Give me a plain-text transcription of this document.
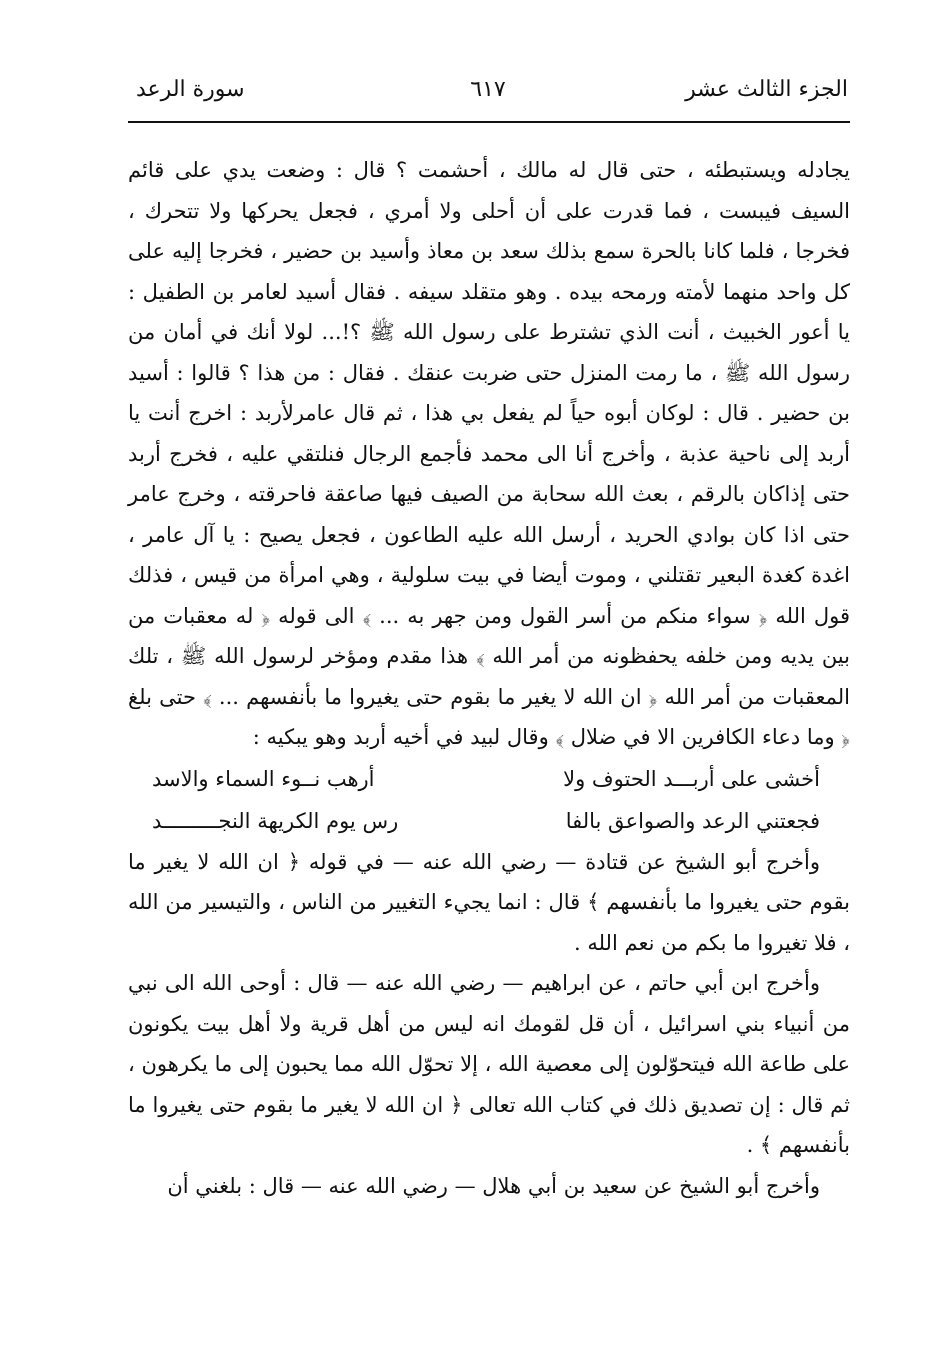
الجزء الثالث عشر
٦١٧
سورة الرعد

يجادله ويستبطئه ، حتى قال له مالك ، أحشمت ؟ قال : وضعت يدي على قائم السيف فيبست ، فما قدرت على أن أحلى ولا أمري ، فجعل يحركها ولا تتحرك ، فخرجا ، فلما كانا بالحرة سمع بذلك سعد بن معاذ وأسيد بن حضير ، فخرجا إليه على كل واحد منهما لأمته ورمحه بيده . وهو متقلد سيفه . فقال أسيد لعامر بن الطفيل : يا أعور الخبيث ، أنت الذي تشترط على رسول الله ﷺ ؟!... لولا أنك في أمان من رسول الله ﷺ ، ما رمت المنزل حتى ضربت عنقك . فقال : من هذا ؟ قالوا : أسيد بن حضير . قال : لوكان أبوه حياً لم يفعل بي هذا ، ثم قال عامرلأربد : اخرج أنت يا أربد إلى ناحية عذبة ، وأخرج أنا الى محمد فأجمع الرجال فنلتقي عليه ، فخرج أربد حتى إذاكان بالرقم ، بعث الله سحابة من الصيف فيها صاعقة فاحرقته ، وخرج عامر حتى اذا كان بوادي الحريد ، أرسل الله عليه الطاعون ، فجعل يصيح : يا آل عامر ، اغدة كغدة البعير تقتلني ، وموت أيضا في بيت سلولية ، وهي امرأة من قيس ، فذلك قول الله ﴿ سواء منكم من أسر القول ومن جهر به ... ﴾ الى قوله ﴿ له معقبات من بين يديه ومن خلفه يحفظونه من أمر الله ﴾ هذا مقدم ومؤخر لرسول الله ﷺ ، تلك المعقبات من أمر الله ﴿ ان الله لا يغير ما بقوم حتى يغيروا ما بأنفسهم ... ﴾ حتى بلغ ﴿ وما دعاء الكافرين الا في ضلال ﴾ وقال لبيد في أخيه أربد وهو يبكيه :

أخشى على أربـــد الحتوف ولا
أرهب نــوء السماء والاسد
فجعتني الرعد والصواعق بالفا
رس يوم الكريهة النجـــــــــد

وأخرج أبو الشيخ عن قتادة — رضي الله عنه — في قوله ﴿ ان الله لا يغير ما بقوم حتى يغيروا ما بأنفسهم ﴾ قال : انما يجيء التغيير من الناس ، والتيسير من الله ، فلا تغيروا ما بكم من نعم الله .

وأخرج ابن أبي حاتم ، عن ابراهيم — رضي الله عنه — قال : أوحى الله الى نبي من أنبياء بني اسرائيل ، أن قل لقومك انه ليس من أهل قرية ولا أهل بيت يكونون على طاعة الله فيتحوّلون إلى معصية الله ، إلا تحوّل الله مما يحبون إلى ما يكرهون ، ثم قال : إن تصديق ذلك في كتاب الله تعالى ﴿ ان الله لا يغير ما بقوم حتى يغيروا ما بأنفسهم ﴾ .

وأخرج أبو الشيخ عن سعيد بن أبي هلال — رضي الله عنه — قال : بلغني أن
